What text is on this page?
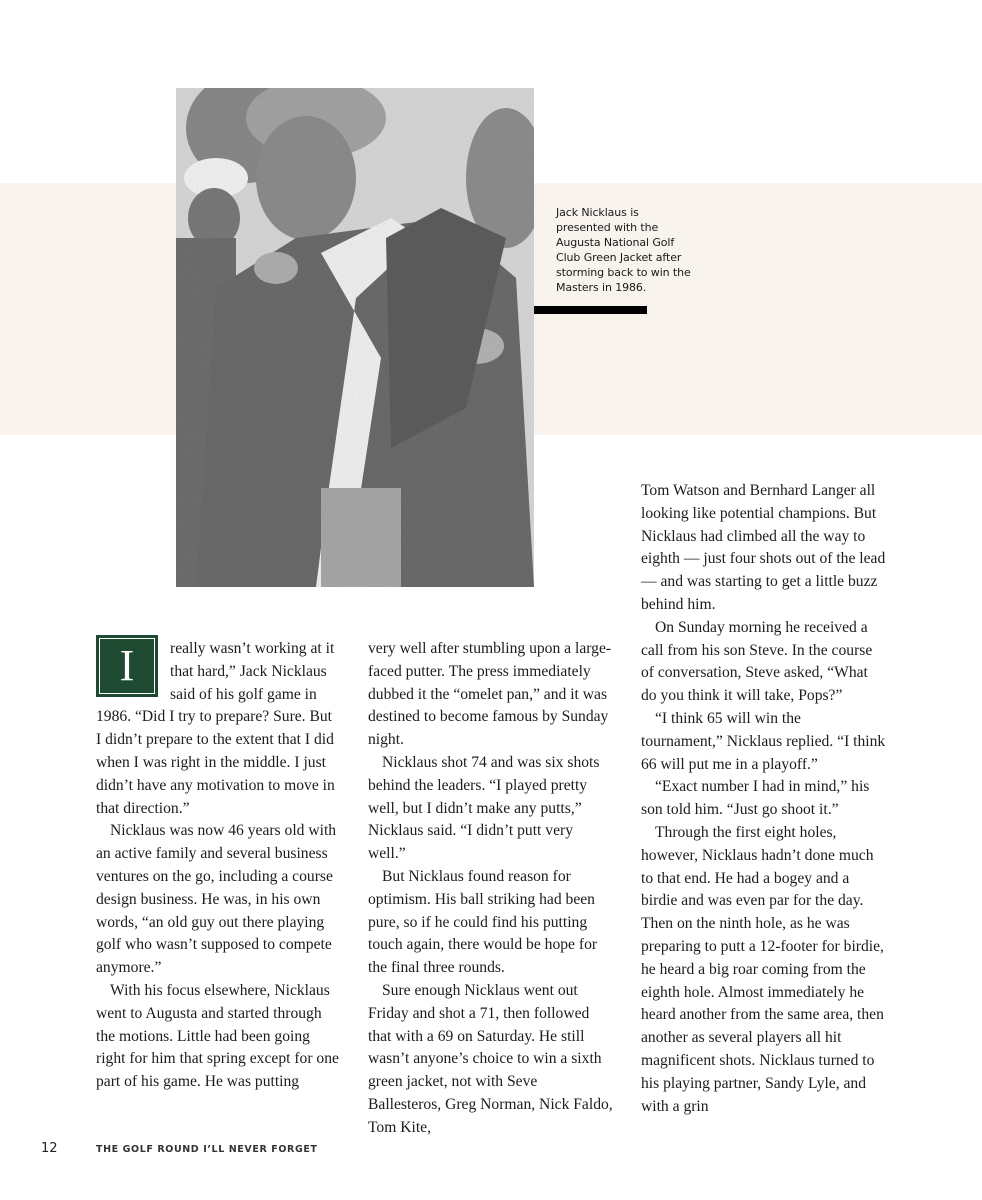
Jack Nicklaus is presented with the Augusta National Golf Club Green Jacket after storming back to win the Masters in 1986.
I	really wasn’t working at it that hard,” Jack Nicklaus said of his golf game in 1986. “Did I try to prepare? Sure. But I didn’t prepare to the extent that I did when I was right in the middle. I just didn’t have any motivation to move in that direction.”

Nicklaus was now 46 years old with an active family and several business ventures on the go, including a course design business. He was, in his own words, “an old guy out there playing golf who wasn’t supposed to compete anymore.”

With his focus elsewhere, Nicklaus went to Augusta and started through the motions. Little had been going right for him that spring except for one part of his game. He was putting

very well after stumbling upon a large-faced putter. The press immediately dubbed it the “omelet pan,” and it was destined to become famous by Sunday night.

Nicklaus shot 74 and was six shots behind the leaders. “I played pretty well, but I didn’t make any putts,” Nicklaus said. “I didn’t putt very well.”

But Nicklaus found reason for optimism. His ball striking had been pure, so if he could find his putting touch again, there would be hope for the final three rounds.

Sure enough Nicklaus went out Friday and shot a 71, then followed that with a 69 on Saturday. He still wasn’t anyone’s choice to win a sixth green jacket, not with Seve Ballesteros, Greg Norman, Nick Faldo, Tom Kite,

Tom Watson and Bernhard Langer all looking like potential champions. But Nicklaus had climbed all the way to eighth — just four shots out of the lead — and was starting to get a little buzz behind him.

On Sunday morning he received a call from his son Steve. In the course of conversation, Steve asked, “What do you think it will take, Pops?”

“I think 65 will win the tournament,” Nicklaus replied. “I think 66 will put me in a playoff.”

“Exact number I had in mind,” his son told him. “Just go shoot it.”

Through the first eight holes, however, Nicklaus hadn’t done much to that end. He had a bogey and a birdie and was even par for the day. Then on the ninth hole, as he was preparing to putt a 12-footer for birdie, he heard a big roar coming from the eighth hole. Almost immediately he heard another from the same area, then another as several players all hit magnificent shots. Nicklaus turned to his playing partner, Sandy Lyle, and with a grin

12	THE GOLF ROUND I’LL NEVER FORGET
